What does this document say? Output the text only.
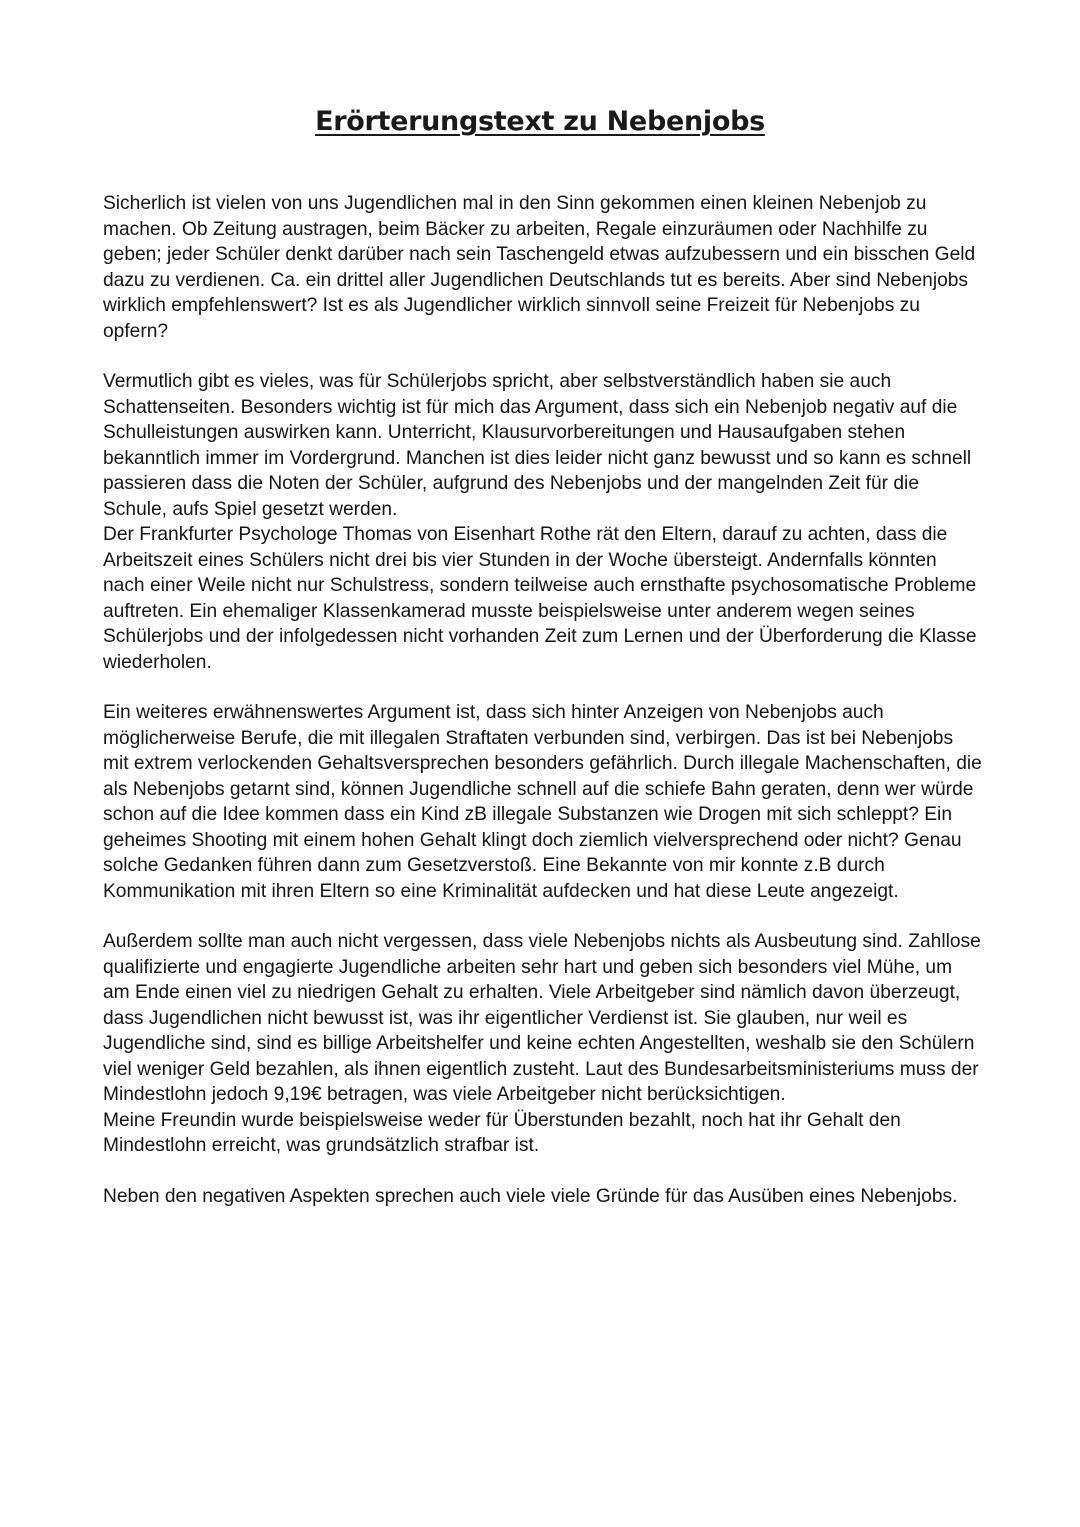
Erörterungstext zu Nebenjobs

Sicherlich ist vielen von uns Jugendlichen mal in den Sinn gekommen einen kleinen Nebenjob zu machen. Ob Zeitung austragen, beim Bäcker zu arbeiten, Regale einzuräumen oder Nachhilfe zu geben; jeder Schüler denkt darüber nach sein Taschengeld etwas aufzubessern und ein bisschen Geld dazu zu verdienen. Ca. ein drittel aller Jugendlichen Deutschlands tut es bereits. Aber sind Nebenjobs wirklich empfehlenswert? Ist es als Jugendlicher wirklich sinnvoll seine Freizeit für Nebenjobs zu opfern?

Vermutlich gibt es vieles, was für Schülerjobs spricht, aber selbstverständlich haben sie auch Schattenseiten. Besonders wichtig ist für mich das Argument, dass sich ein Nebenjob negativ auf die Schulleistungen auswirken kann. Unterricht, Klausurvorbereitungen und Hausaufgaben stehen bekanntlich immer im Vordergrund. Manchen ist dies leider nicht ganz bewusst und so kann es schnell passieren dass die Noten der Schüler, aufgrund des Nebenjobs und der mangelnden Zeit für die Schule, aufs Spiel gesetzt werden.

Der Frankfurter Psychologe Thomas von Eisenhart Rothe rät den Eltern, darauf zu achten, dass die Arbeitszeit eines Schülers nicht drei bis vier Stunden in der Woche übersteigt. Andernfalls könnten nach einer Weile nicht nur Schulstress, sondern teilweise auch ernsthafte psychosomatische Probleme auftreten. Ein ehemaliger Klassenkamerad musste beispielsweise unter anderem wegen seines Schülerjobs und der infolgedessen nicht vorhanden Zeit zum Lernen und der Überforderung die Klasse wiederholen.

Ein weiteres erwähnenswertes Argument ist, dass sich hinter Anzeigen von Nebenjobs auch möglicherweise Berufe, die mit illegalen Straftaten verbunden sind, verbirgen. Das ist bei Nebenjobs mit extrem verlockenden Gehaltsversprechen besonders gefährlich. Durch illegale Machenschaften, die als Nebenjobs getarnt sind, können Jugendliche schnell auf die schiefe Bahn geraten, denn wer würde schon auf die Idee kommen dass ein Kind zB illegale Substanzen wie Drogen mit sich schleppt? Ein geheimes Shooting mit einem hohen Gehalt klingt doch ziemlich vielversprechend oder nicht? Genau solche Gedanken führen dann zum Gesetzverstoß. Eine Bekannte von mir konnte z.B durch Kommunikation mit ihren Eltern so eine Kriminalität aufdecken und hat diese Leute angezeigt.

Außerdem sollte man auch nicht vergessen, dass viele Nebenjobs nichts als Ausbeutung sind. Zahllose qualifizierte und engagierte Jugendliche arbeiten sehr hart und geben sich besonders viel Mühe, um am Ende einen viel zu niedrigen Gehalt zu erhalten. Viele Arbeitgeber sind nämlich davon überzeugt, dass Jugendlichen nicht bewusst ist, was ihr eigentlicher Verdienst ist. Sie glauben, nur weil es Jugendliche sind, sind es billige Arbeitshelfer und keine echten Angestellten, weshalb sie den Schülern viel weniger Geld bezahlen, als ihnen eigentlich zusteht. Laut des Bundesarbeitsministeriums muss der Mindestlohn jedoch 9,19€ betragen, was viele Arbeitgeber nicht berücksichtigen.

Meine Freundin wurde beispielsweise weder für Überstunden bezahlt, noch hat ihr Gehalt den Mindestlohn erreicht, was grundsätzlich strafbar ist.

Neben den negativen Aspekten sprechen auch viele viele Gründe für das Ausüben eines Nebenjobs.
